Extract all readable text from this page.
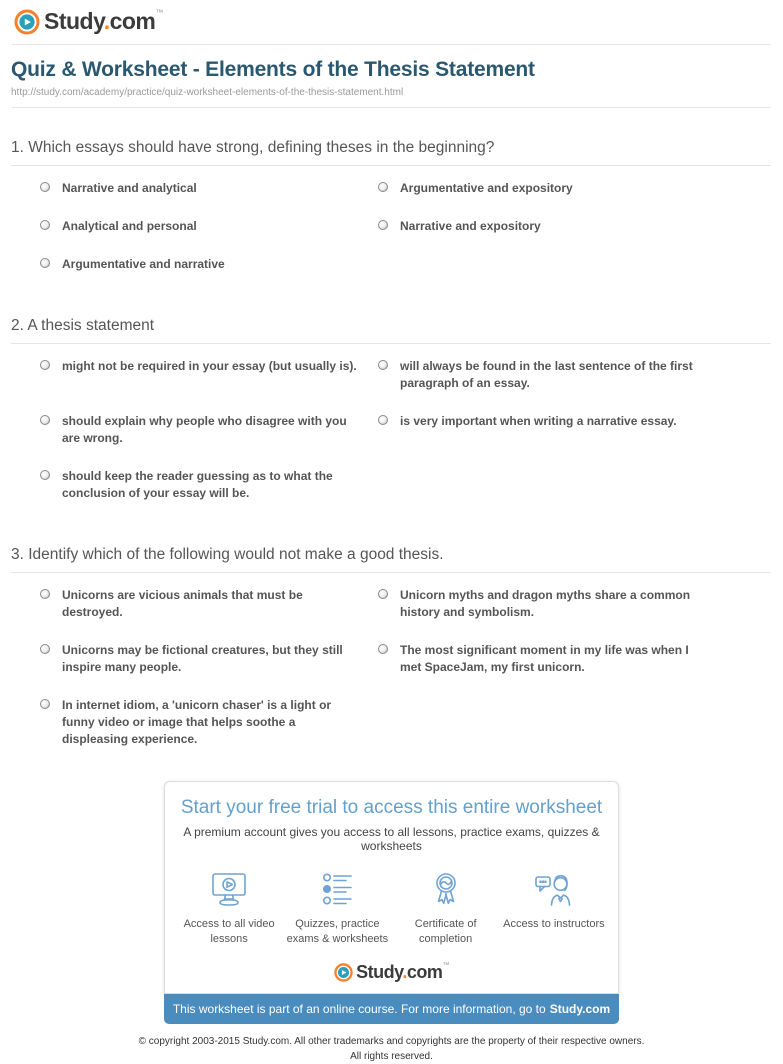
Study.com™
Quiz & Worksheet - Elements of the Thesis Statement
http://study.com/academy/practice/quiz-worksheet-elements-of-the-thesis-statement.html
1. Which essays should have strong, defining theses in the beginning?
Narrative and analytical	Argumentative and expository
Analytical and personal	Narrative and expository
Argumentative and narrative
2. A thesis statement
might not be required in your essay (but usually is).	will always be found in the last sentence of the first paragraph of an essay.
should explain why people who disagree with you are wrong.
is very important when writing a narrative essay.
should keep the reader guessing as to what the conclusion of your essay will be.
3. Identify which of the following would not make a good thesis.
Unicorns are vicious animals that must be destroyed.
Unicorn myths and dragon myths share a common history and symbolism.
Unicorns may be fictional creatures, but they still inspire many people.
The most significant moment in my life was when I met SpaceJam, my first unicorn.
In internet idiom, a 'unicorn chaser' is a light or funny video or image that helps soothe a displeasing experience.
Start your free trial to access this entire worksheet
A premium account gives you access to all lessons, practice exams, quizzes & worksheets
Access to all video lessons
Quizzes, practice exams & worksheets
Certificate of completion
Access to instructors
Study.com™
This worksheet is part of an online course. For more information, go to Study.com
© copyright 2003-2015 Study.com. All other trademarks and copyrights are the property of their respective owners.
All rights reserved.
